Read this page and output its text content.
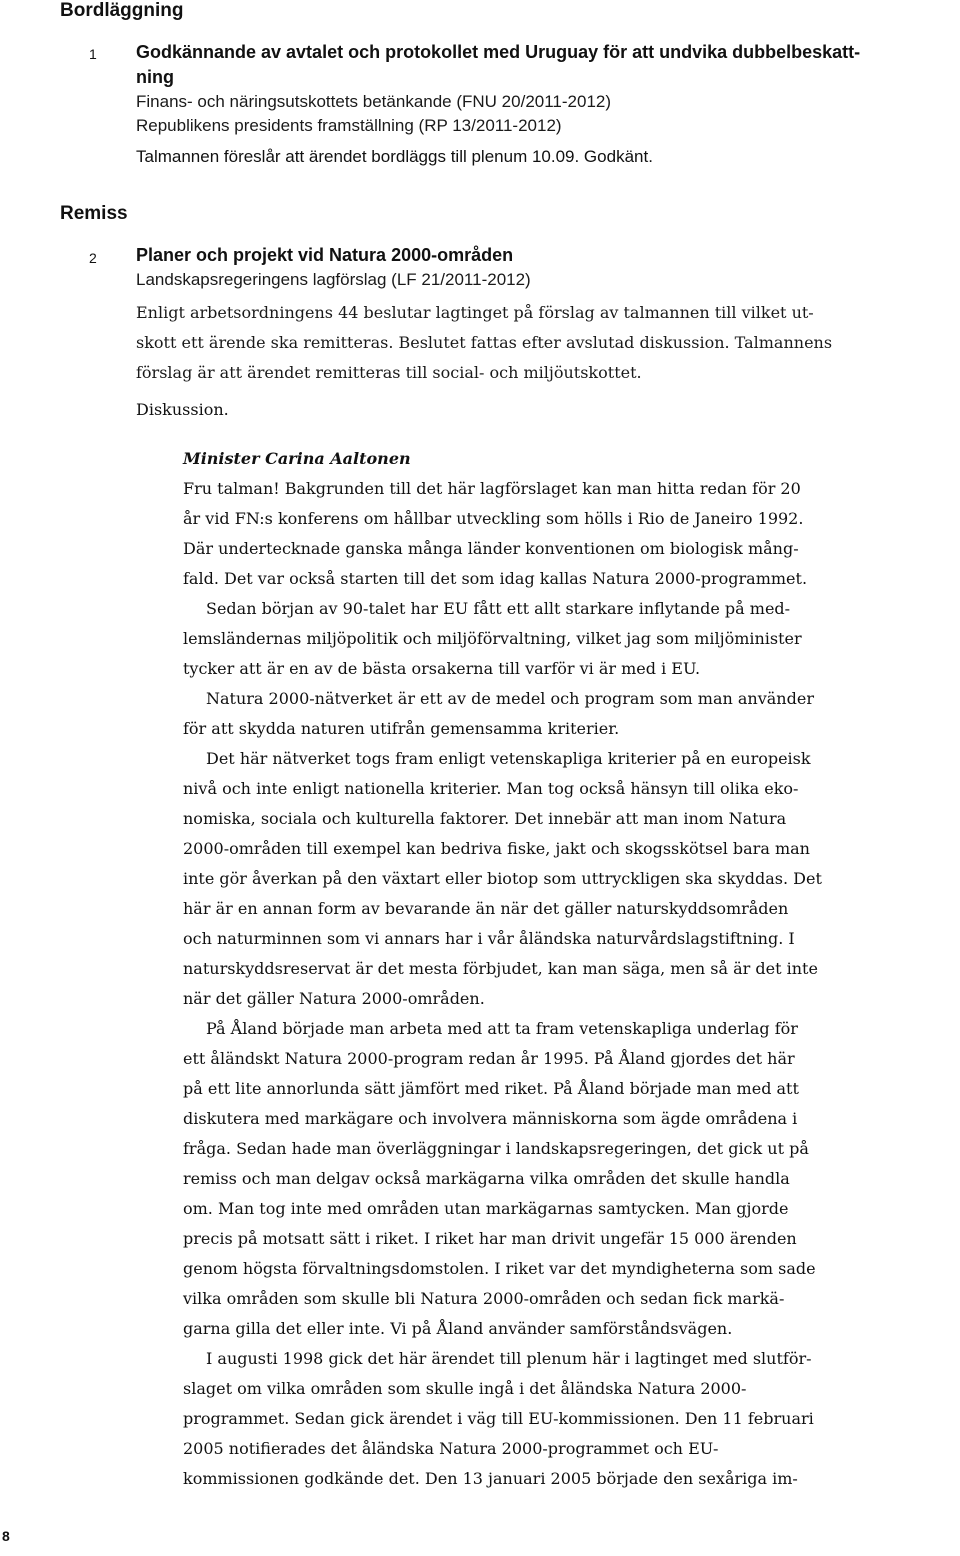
Bordläggning
1 Godkännande av avtalet och protokollet med Uruguay för att undvika dubbelbeskatt-
ning
Finans- och näringsutskottets betänkande (FNU 20/2011-2012)
Republikens presidents framställning (RP 13/2011-2012)
Talmannen föreslår att ärendet bordläggs till plenum 10.09. Godkänt.
Remiss
2 Planer och projekt vid Natura 2000-områden
Landskapsregeringens lagförslag (LF 21/2011-2012)
Enligt arbetsordningens 44 beslutar lagtinget på förslag av talmannen till vilket ut-
skott ett ärende ska remitteras. Beslutet fattas efter avslutad diskussion. Talmannens
förslag är att ärendet remitteras till social- och miljöutskottet.
Diskussion.
Minister Carina Aaltonen
Fru talman! Bakgrunden till det här lagförslaget kan man hitta redan för 20
år vid FN:s konferens om hållbar utveckling som hölls i Rio de Janeiro 1992.
Där undertecknade ganska många länder konventionen om biologisk mång-
fald. Det var också starten till det som idag kallas Natura 2000-programmet.
Sedan början av 90-talet har EU fått ett allt starkare inflytande på med-
lemsländernas miljöpolitik och miljöförvaltning, vilket jag som miljöminister
tycker att är en av de bästa orsakerna till varför vi är med i EU.
Natura 2000-nätverket är ett av de medel och program som man använder
för att skydda naturen utifrån gemensamma kriterier.
Det här nätverket togs fram enligt vetenskapliga kriterier på en europeisk
nivå och inte enligt nationella kriterier. Man tog också hänsyn till olika eko-
nomiska, sociala och kulturella faktorer. Det innebär att man inom Natura
2000-områden till exempel kan bedriva fiske, jakt och skogsskötsel bara man
inte gör åverkan på den växtart eller biotop som uttryckligen ska skyddas. Det
här är en annan form av bevarande än när det gäller naturskyddsområden
och naturminnen som vi annars har i vår åländska naturvårdslagstiftning. I
naturskyddsreservat är det mesta förbjudet, kan man säga, men så är det inte
när det gäller Natura 2000-områden.
På Åland började man arbeta med att ta fram vetenskapliga underlag för
ett åländskt Natura 2000-program redan år 1995. På Åland gjordes det här
på ett lite annorlunda sätt jämfört med riket. På Åland började man med att
diskutera med markägare och involvera människorna som ägde områdena i
fråga. Sedan hade man överläggningar i landskapsregeringen, det gick ut på
remiss och man delgav också markägarna vilka områden det skulle handla
om. Man tog inte med områden utan markägarnas samtycken. Man gjorde
precis på motsatt sätt i riket. I riket har man drivit ungefär 15 000 ärenden
genom högsta förvaltningsdomstolen. I riket var det myndigheterna som sade
vilka områden som skulle bli Natura 2000-områden och sedan fick markä-
garna gilla det eller inte. Vi på Åland använder samförståndsvägen.
I augusti 1998 gick det här ärendet till plenum här i lagtinget med slutför-
slaget om vilka områden som skulle ingå i det åländska Natura 2000-
programmet. Sedan gick ärendet i väg till EU-kommissionen. Den 11 februari
2005 notifierades det åländska Natura 2000-programmet och EU-
kommissionen godkände det. Den 13 januari 2005 började den sexåriga im-
8
